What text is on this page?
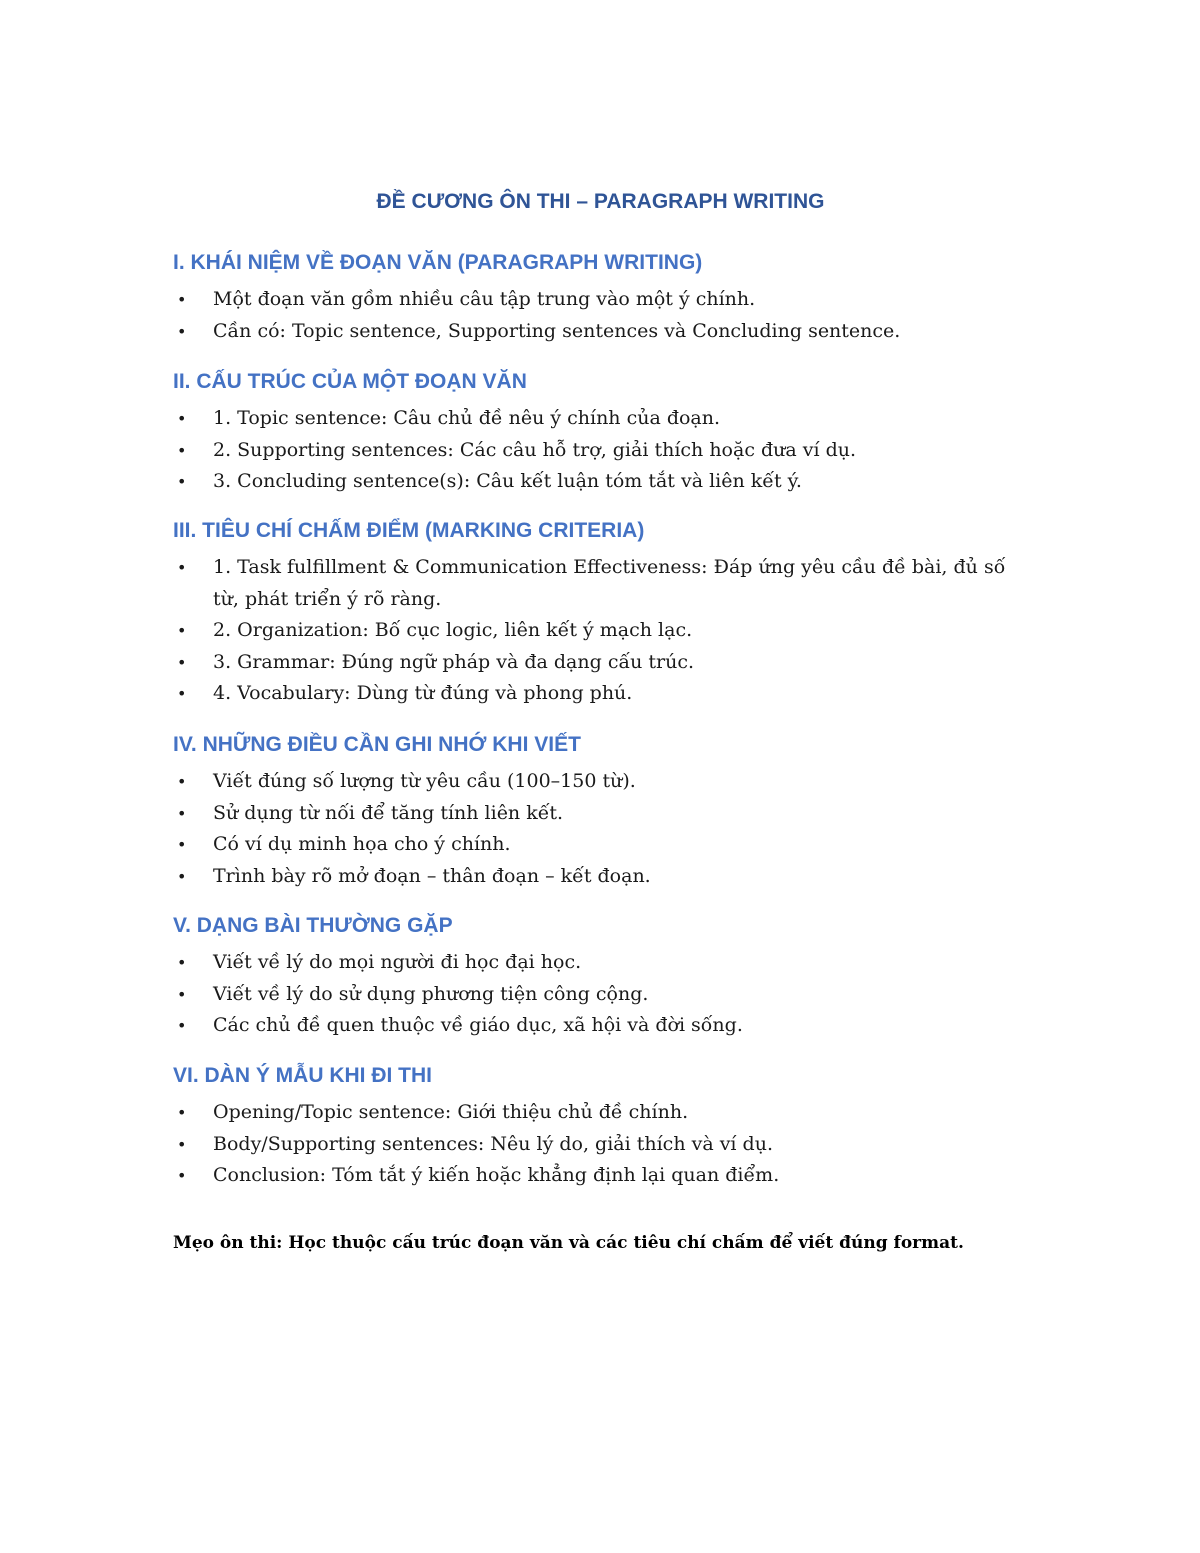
ĐỀ CƯƠNG ÔN THI – PARAGRAPH WRITING
I. KHÁI NIỆM VỀ ĐOẠN VĂN (PARAGRAPH WRITING)
• Một đoạn văn gồm nhiều câu tập trung vào một ý chính.
• Cần có: Topic sentence, Supporting sentences và Concluding sentence.
II. CẤU TRÚC CỦA MỘT ĐOẠN VĂN
• 1. Topic sentence: Câu chủ đề nêu ý chính của đoạn.
• 2. Supporting sentences: Các câu hỗ trợ, giải thích hoặc đưa ví dụ.
• 3. Concluding sentence(s): Câu kết luận tóm tắt và liên kết ý.
III. TIÊU CHÍ CHẤM ĐIỂM (MARKING CRITERIA)
• 1. Task fulfillment & Communication Effectiveness: Đáp ứng yêu cầu đề bài, đủ số từ, phát triển ý rõ ràng.
• 2. Organization: Bố cục logic, liên kết ý mạch lạc.
• 3. Grammar: Đúng ngữ pháp và đa dạng cấu trúc.
• 4. Vocabulary: Dùng từ đúng và phong phú.
IV. NHỮNG ĐIỀU CẦN GHI NHỚ KHI VIẾT
• Viết đúng số lượng từ yêu cầu (100–150 từ).
• Sử dụng từ nối để tăng tính liên kết.
• Có ví dụ minh họa cho ý chính.
• Trình bày rõ mở đoạn – thân đoạn – kết đoạn.
V. DẠNG BÀI THƯỜNG GẶP
• Viết về lý do mọi người đi học đại học.
• Viết về lý do sử dụng phương tiện công cộng.
• Các chủ đề quen thuộc về giáo dục, xã hội và đời sống.
VI. DÀN Ý MẪU KHI ĐI THI
• Opening/Topic sentence: Giới thiệu chủ đề chính.
• Body/Supporting sentences: Nêu lý do, giải thích và ví dụ.
• Conclusion: Tóm tắt ý kiến hoặc khẳng định lại quan điểm.

Mẹo ôn thi: Học thuộc cấu trúc đoạn văn và các tiêu chí chấm để viết đúng format.
